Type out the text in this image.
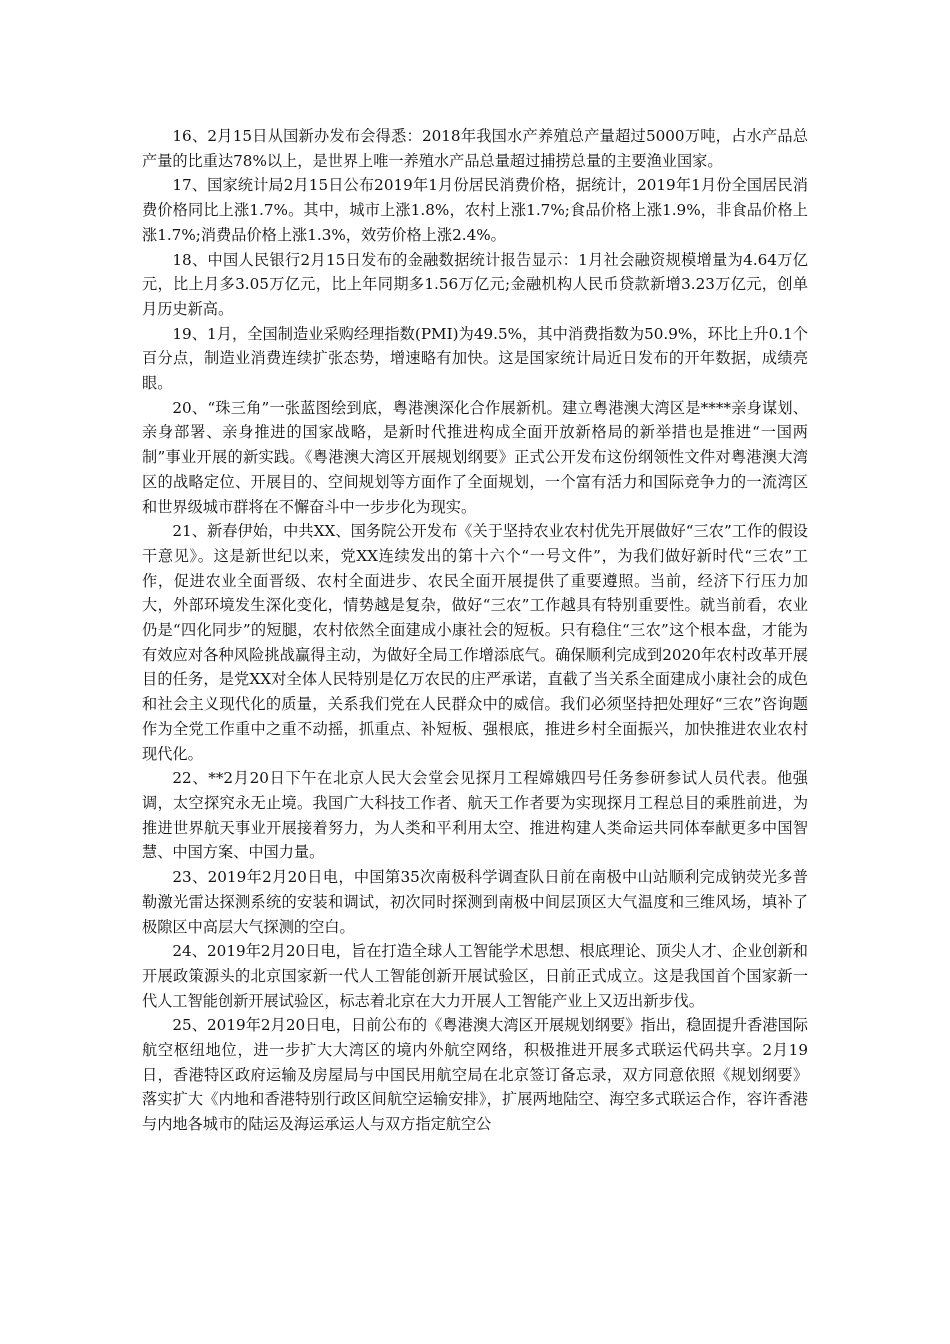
16、2月15日从国新办发布会得悉：2018年我国水产养殖总产量超过5000万吨，占水产品总产量的比重达78%以上，是世界上唯一养殖水产品总量超过捕捞总量的主要渔业国家。

17、国家统计局2月15日公布2019年1月份居民消费价格，据统计，2019年1月份全国居民消费价格同比上涨1.7%。其中，城市上涨1.8%，农村上涨1.7%;食品价格上涨1.9%，非食品价格上涨1.7%;消费品价格上涨1.3%，效劳价格上涨2.4%。

18、中国人民银行2月15日发布的金融数据统计报告显示：1月社会融资规模增量为4.64万亿元，比上月多3.05万亿元，比上年同期多1.56万亿元;金融机构人民币贷款新增3.23万亿元，创单月历史新高。

19、1月，全国制造业采购经理指数(PMI)为49.5%，其中消费指数为50.9%，环比上升0.1个百分点，制造业消费连续扩张态势，增速略有加快。这是国家统计局近日发布的开年数据，成绩亮眼。

20、“珠三角”一张蓝图绘到底，粤港澳深化合作展新机。建立粤港澳大湾区是****亲身谋划、亲身部署、亲身推进的国家战略，是新时代推进构成全面开放新格局的新举措也是推进“一国两制”事业开展的新实践。《粤港澳大湾区开展规划纲要》正式公开发布这份纲领性文件对粤港澳大湾区的战略定位、开展目的、空间规划等方面作了全面规划，一个富有活力和国际竞争力的一流湾区和世界级城市群将在不懈奋斗中一步步化为现实。

21、新春伊始，中共XX、国务院公开发布《关于坚持农业农村优先开展做好“三农”工作的假设干意见》。这是新世纪以来，党XX连续发出的第十六个“一号文件”，为我们做好新时代“三农”工作，促进农业全面晋级、农村全面进步、农民全面开展提供了重要遵照。当前，经济下行压力加大，外部环境发生深化变化，情势越是复杂，做好“三农”工作越具有特别重要性。就当前看，农业仍是“四化同步”的短腿，农村依然全面建成小康社会的短板。只有稳住“三农”这个根本盘，才能为有效应对各种风险挑战赢得主动，为做好全局工作增添底气。确保顺利完成到2020年农村改革开展目的任务，是党XX对全体人民特别是亿万农民的庄严承诺，直截了当关系全面建成小康社会的成色和社会主义现代化的质量，关系我们党在人民群众中的威信。我们必须坚持把处理好“三农”咨询题作为全党工作重中之重不动摇，抓重点、补短板、强根底，推进乡村全面振兴，加快推进农业农村现代化。

22、**2月20日下午在北京人民大会堂会见探月工程嫦娥四号任务参研参试人员代表。他强调，太空探究永无止境。我国广大科技工作者、航天工作者要为实现探月工程总目的乘胜前进，为推进世界航天事业开展接着努力，为人类和平利用太空、推进构建人类命运共同体奉献更多中国智慧、中国方案、中国力量。

23、2019年2月20日电，中国第35次南极科学调查队日前在南极中山站顺利完成钠荧光多普勒激光雷达探测系统的安装和调试，初次同时探测到南极中间层顶区大气温度和三维风场，填补了极隙区中高层大气探测的空白。

24、2019年2月20日电，旨在打造全球人工智能学术思想、根底理论、顶尖人才、企业创新和开展政策源头的北京国家新一代人工智能创新开展试验区，日前正式成立。这是我国首个国家新一代人工智能创新开展试验区，标志着北京在大力开展人工智能产业上又迈出新步伐。

25、2019年2月20日电，日前公布的《粤港澳大湾区开展规划纲要》指出，稳固提升香港国际航空枢纽地位，进一步扩大大湾区的境内外航空网络，积极推进开展多式联运代码共享。2月19日，香港特区政府运输及房屋局与中国民用航空局在北京签订备忘录，双方同意依照《规划纲要》落实扩大《内地和香港特别行政区间航空运输安排》，扩展两地陆空、海空多式联运合作，容许香港与内地各城市的陆运及海运承运人与双方指定航空公
